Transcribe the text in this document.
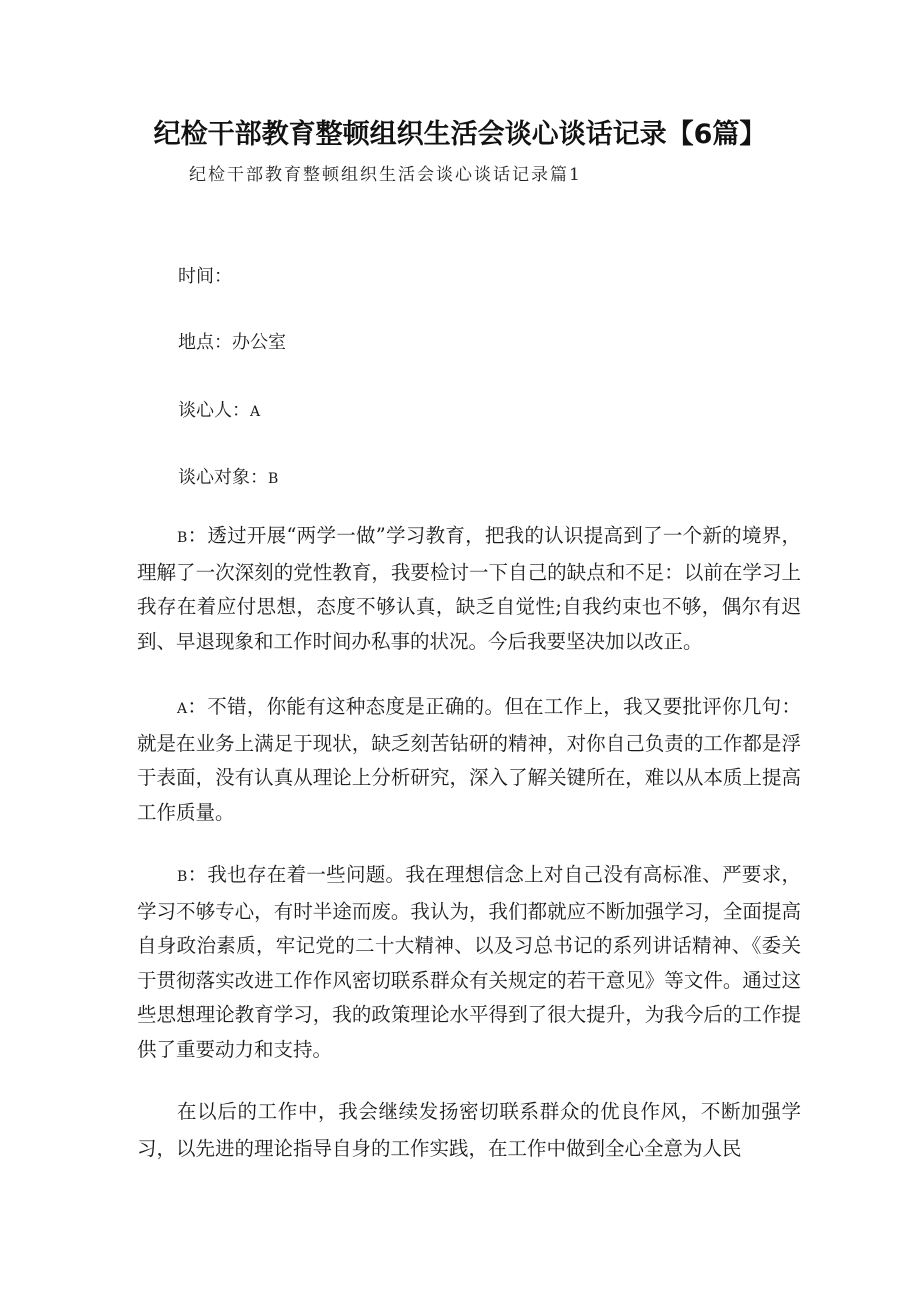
纪检干部教育整顿组织生活会谈心谈话记录【6篇】
纪检干部教育整顿组织生活会谈心谈话记录篇1
时间：
地点：办公室
谈心人：A
谈心对象：B

B：透过开展“两学一做”学习教育，把我的认识提高到了一个新的境界，理解了一次深刻的党性教育，我要检讨一下自己的缺点和不足：以前在学习上我存在着应付思想，态度不够认真，缺乏自觉性;自我约束也不够，偶尔有迟到、早退现象和工作时间办私事的状况。今后我要坚决加以改正。

A：不错，你能有这种态度是正确的。但在工作上，我又要批评你几句：就是在业务上满足于现状，缺乏刻苦钻研的精神，对你自己负责的工作都是浮于表面，没有认真从理论上分析研究，深入了解关键所在，难以从本质上提高工作质量。

B：我也存在着一些问题。我在理想信念上对自己没有高标准、严要求，学习不够专心，有时半途而废。我认为，我们都就应不断加强学习，全面提高自身政治素质，牢记党的二十大精神、以及习总书记的系列讲话精神、《委关于贯彻落实改进工作作风密切联系群众有关规定的若干意见》等文件。通过这些思想理论教育学习，我的政策理论水平得到了很大提升，为我今后的工作提供了重要动力和支持。

在以后的工作中，我会继续发扬密切联系群众的优良作风，不断加强学习，以先进的理论指导自身的工作实践，在工作中做到全心全意为人民
